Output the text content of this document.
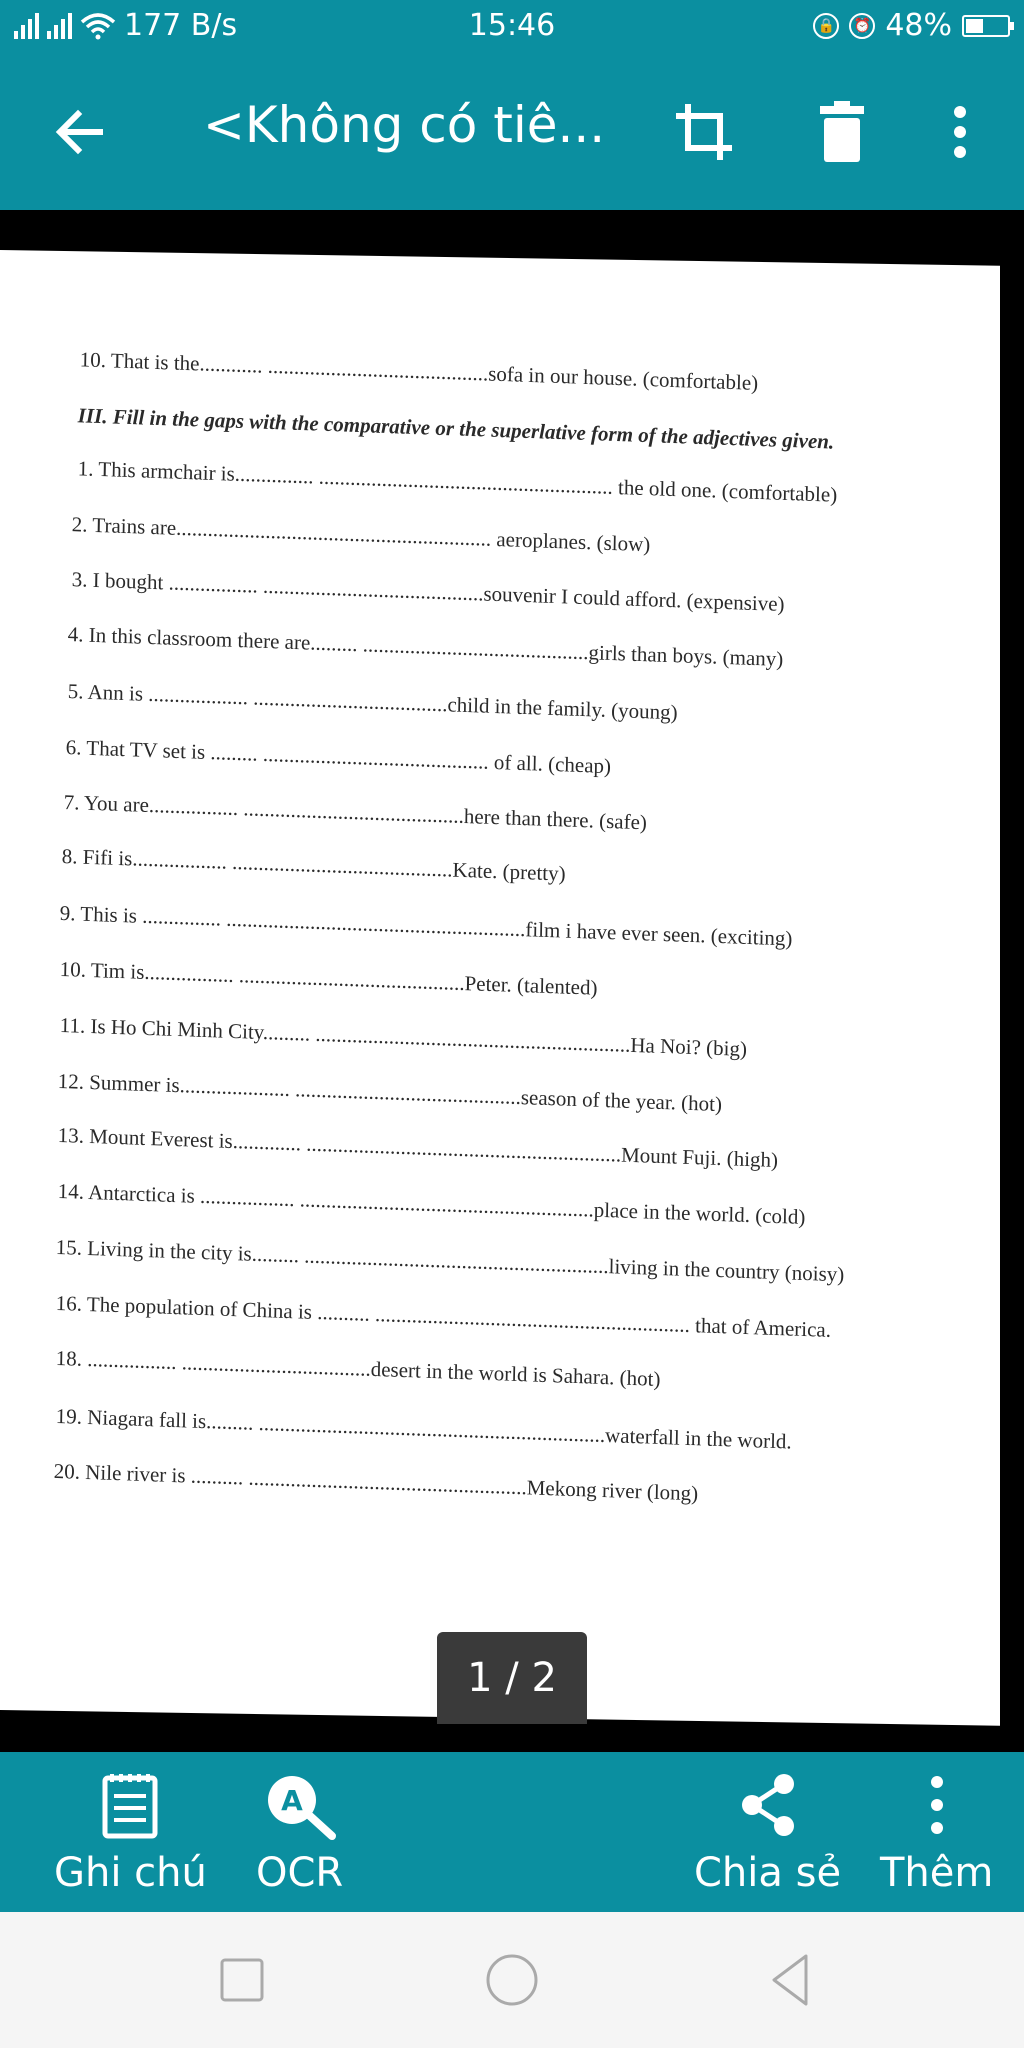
177 B/s	15:46	🔒	⏰ 48%
<Không có tiê...
10. That is the............ ..........................................sofa in our house. (comfortable)
III. Fill in the gaps with the comparative or the superlative form of the adjectives given.
1. This armchair is............... ........................................................ the old one. (comfortable)
2. Trains are............................................................ aeroplanes. (slow)
3. I bought ................. ..........................................souvenir I could afford. (expensive)
4. In this classroom there are......... ...........................................girls than boys. (many)
5. Ann is ................... .....................................child in the family. (young)
6. That TV set is ......... ........................................... of all. (cheap)
7. You are................. ..........................................here than there. (safe)
8. Fifi is.................. ..........................................Kate. (pretty)
9. This is ............... .........................................................film i have ever seen. (exciting)
10. Tim is................. ...........................................Peter. (talented)
11. Is Ho Chi Minh City......... ............................................................Ha Noi? (big)
12. Summer is..................... ...........................................season of the year. (hot)
13. Mount Everest is............. ............................................................Mount Fuji. (high)
14. Antarctica is .................. ........................................................place in the world. (cold)
15. Living in the city is......... ..........................................................living in the country (noisy)
16. The population of China is .......... ............................................................ that of America.
18. ................. ....................................desert in the world is Sahara. (hot)
19. Niagara fall is......... ..................................................................waterfall in the world.
20. Nile river is .......... .....................................................Mekong river (long)
1 / 2
Ghi chú
A
OCR	Chia sẻ Thêm
